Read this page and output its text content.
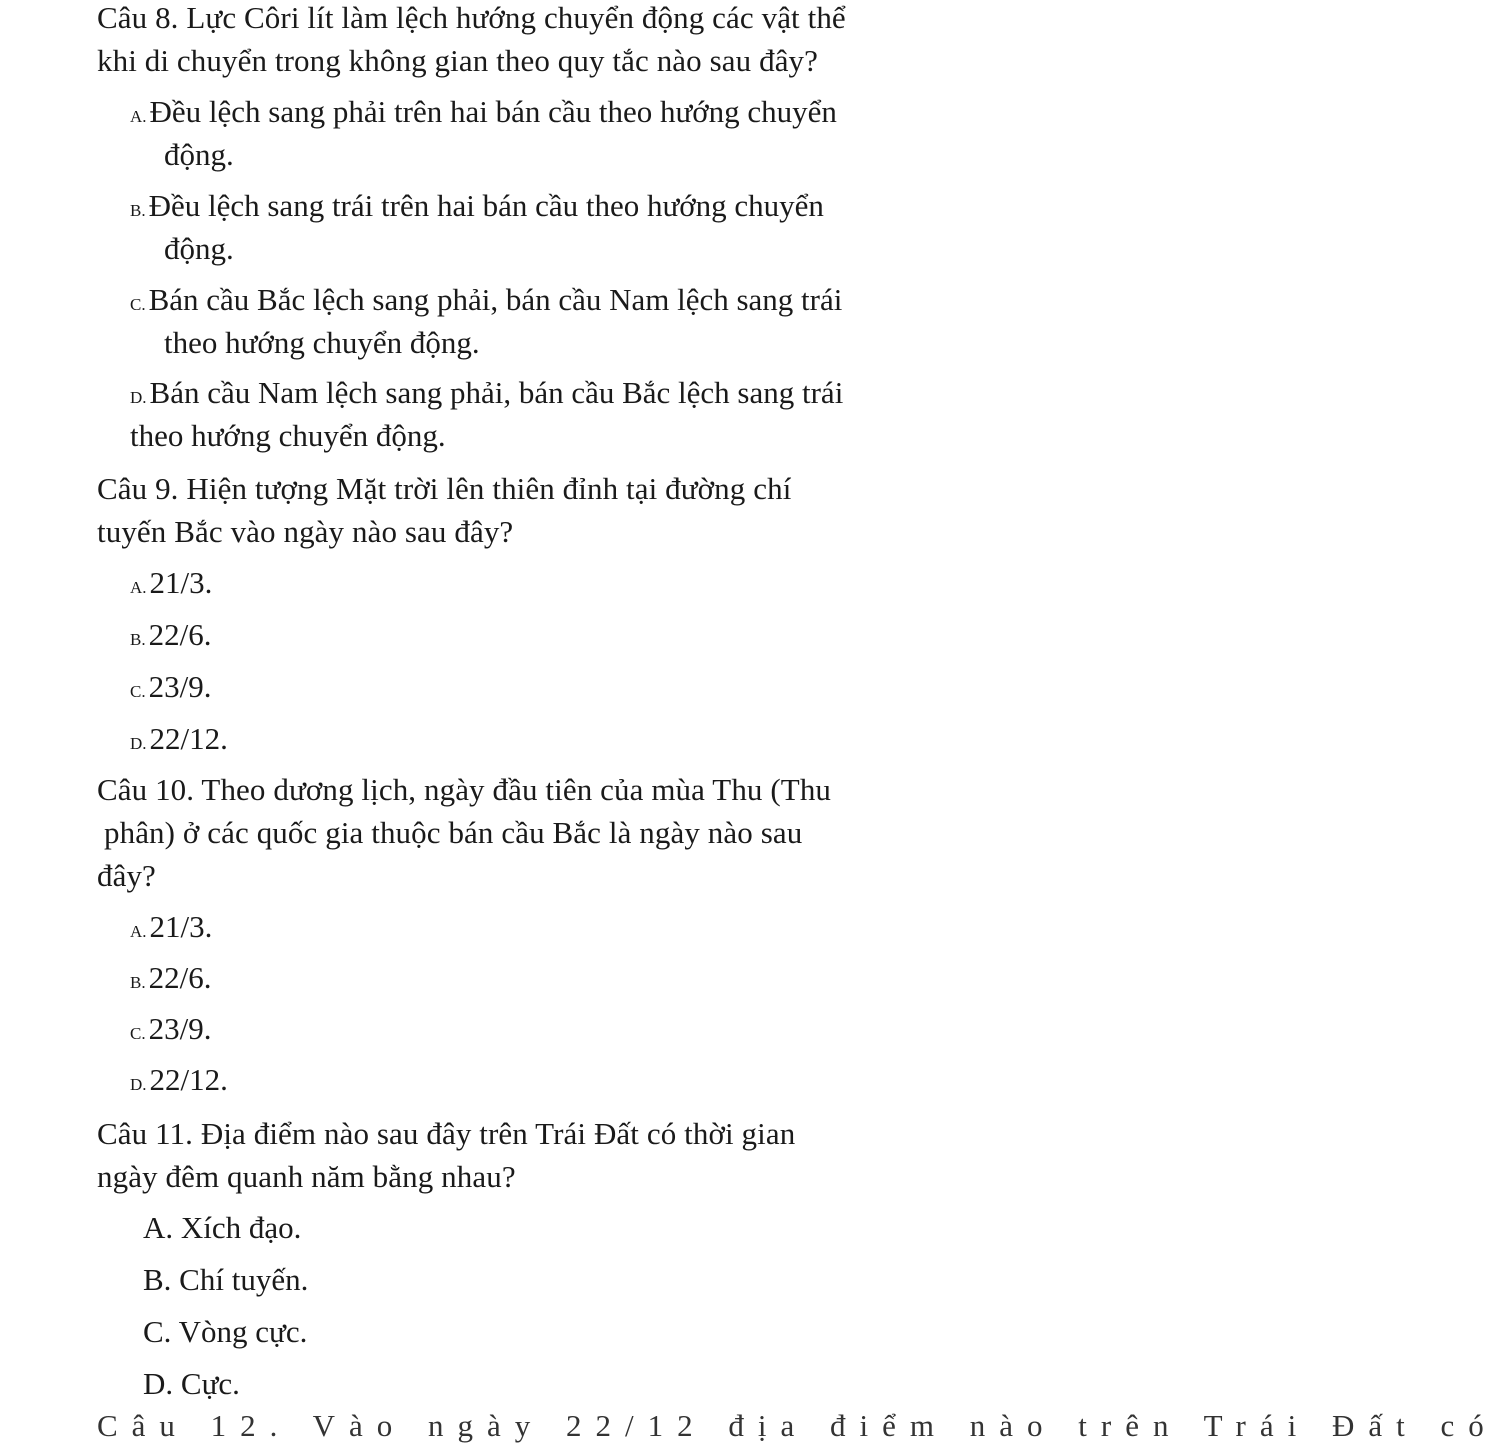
Câu 8. Lực Côri lít làm lệch hướng chuyển động các vật thể
khi di chuyển trong không gian theo quy tắc nào sau đây?
A.Đều lệch sang phải trên hai bán cầu theo hướng chuyển
động.
B.Đều lệch sang trái trên hai bán cầu theo hướng chuyển
động.
C.Bán cầu Bắc lệch sang phải, bán cầu Nam lệch sang trái
theo hướng chuyển động.
D.Bán cầu Nam lệch sang phải, bán cầu Bắc lệch sang trái
theo hướng chuyển động.
Câu 9. Hiện tượng Mặt trời lên thiên đỉnh tại đường chí
tuyến Bắc vào ngày nào sau đây?
A.21/3.
B.22/6.
C.23/9.
D.22/12.
Câu 10. Theo dương lịch, ngày đầu tiên của mùa Thu (Thu
phân) ở các quốc gia thuộc bán cầu Bắc là ngày nào sau
đây?
A.21/3.
B.22/6.
C.23/9.
D.22/12.
Câu 11. Địa điểm nào sau đây trên Trái Đất có thời gian
ngày đêm quanh năm bằng nhau?
A. Xích đạo.
B. Chí tuyến.
C. Vòng cực.
D. Cực.
Câu 12. Vào ngày 22/12 địa điểm nào trên Trái Đất có
